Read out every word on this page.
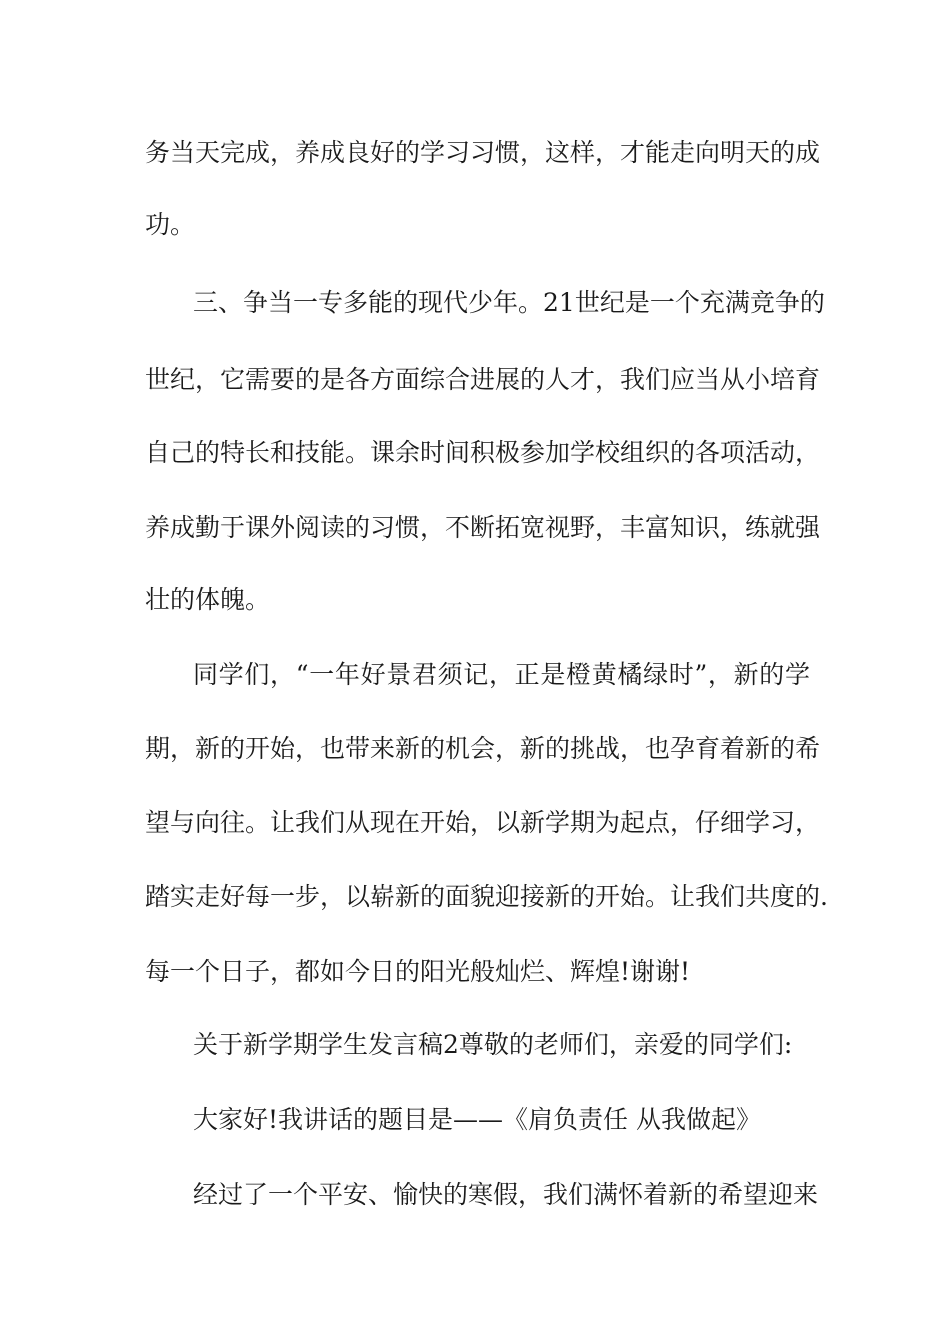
务当天完成，养成良好的学习习惯，这样，才能走向明天的成
功。
三、争当一专多能的现代少年。21世纪是一个充满竞争的
世纪，它需要的是各方面综合进展的人才，我们应当从小培育
自己的特长和技能。课余时间积极参加学校组织的各项活动，
养成勤于课外阅读的习惯，不断拓宽视野，丰富知识，练就强
壮的体魄。
同学们，“一年好景君须记，正是橙黄橘绿时”，新的学
期，新的开始，也带来新的机会，新的挑战，也孕育着新的希
望与向往。让我们从现在开始，以新学期为起点，仔细学习，
踏实走好每一步，以崭新的面貌迎接新的开始。让我们共度的.
每一个日子，都如今日的阳光般灿烂、辉煌!谢谢!
关于新学期学生发言稿2尊敬的老师们，亲爱的同学们:
大家好!我讲话的题目是——《肩负责任 从我做起》
经过了一个平安、愉快的寒假，我们满怀着新的希望迎来
